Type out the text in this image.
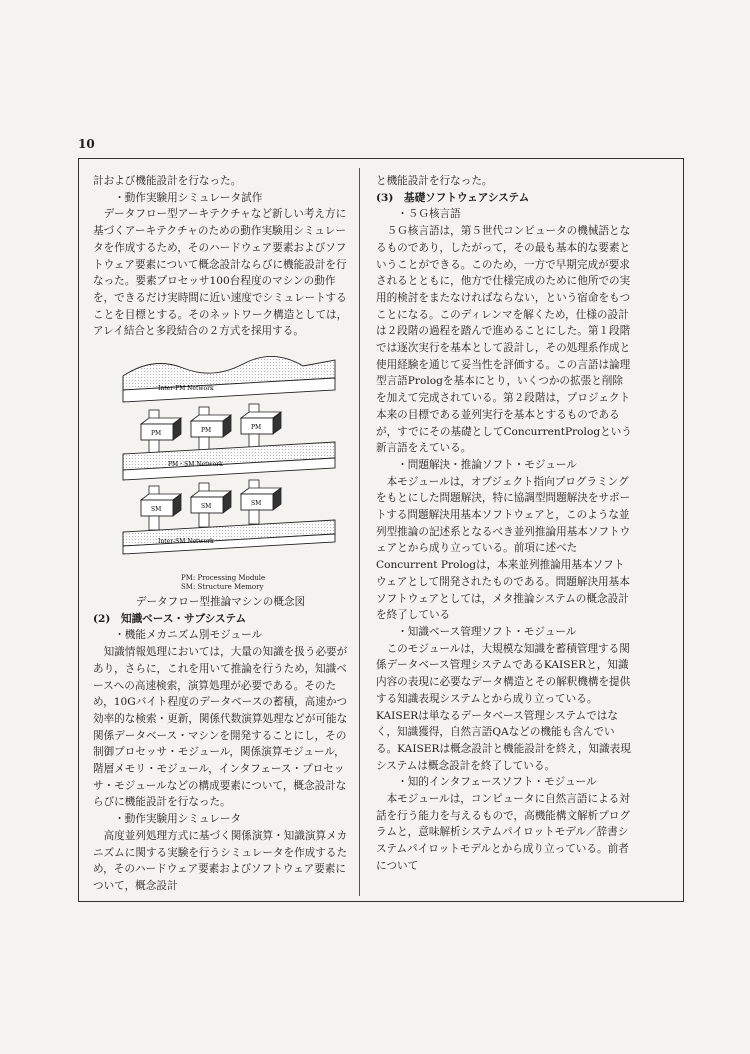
10

計および機能設計を行なった。

・動作実験用シミュレータ試作

データフロー型アーキテクチャなど新しい考え方に基づくアーキテクチャのための動作実験用シミュレータを作成するため，そのハードウェア要素およびソフトウェア要素について概念設計ならびに機能設計を行なった。要素プロセッサ100台程度のマシンの動作を，できるだけ実時間に近い速度でシミュレートすることを目標とする。そのネットワーク構造としては，アレイ結合と多段結合の２方式を採用する。

Inter-PM Network
PM	PM	PM
PM・SM Network
SM	SM	SM
Inter-SM Network

PM: Processing Module

SM: Structure Memory

データフロー型推論マシンの概念図

(2)　知識ベース・サブシステム

・機能メカニズム別モジュール

知識情報処理においては，大量の知識を扱う必要があり，さらに，これを用いて推論を行うため，知識ベースへの高速検索，演算処理が必要である。そのため，10Gバイト程度のデータベースの蓄積，高速かつ効率的な検索・更新，関係代数演算処理などが可能な関係データベース・マシンを開発することにし，その制御プロセッサ・モジュール，関係演算モジュール，階層メモリ・モジュール，インタフェース・プロセッサ・モジュールなどの構成要素について，概念設計ならびに機能設計を行なった。

・動作実験用シミュレータ

高度並列処理方式に基づく関係演算・知識演算メカニズムに関する実験を行うシミュレータを作成するため，そのハードウェア要素およびソフトウェア要素について，概念設計

と機能設計を行なった。

(3)　基礎ソフトウェアシステム

・５Ｇ核言語

５Ｇ核言語は，第５世代コンピュータの機械語となるものであり，したがって，その最も基本的な要素ということができる。このため，一方で早期完成が要求されるとともに，他方で仕様完成のために他所での実用的検討をまたなければならない，という宿命をもつことになる。このディレンマを解くため，仕様の設計は２段階の過程を踏んで進めることにした。第１段階では逐次実行を基本として設計し，その処理系作成と使用経験を通じて妥当性を評価する。この言語は論理型言語Prologを基本にとり，いくつかの拡張と削除を加えて完成されている。第２段階は，プロジェクト本来の目標である並列実行を基本とするものであるが，すでにその基礎としてConcurrentPrologという新言語をえている。

・問題解決・推論ソフト・モジュール

本モジュールは，オブジェクト指向プログラミングをもとにした問題解決，特に協調型問題解決をサポートする問題解決用基本ソフトウェアと，このような並列型推論の記述系となるべき並列推論用基本ソフトウェアとから成り立っている。前項に述べたConcurrent Prologは，本来並列推論用基本ソフトウェアとして開発されたものである。問題解決用基本ソフトウェアとしては，メタ推論システムの概念設計を終了している

・知識ベース管理ソフト・モジュール

このモジュールは，大規模な知識を蓄積管理する関係データベース管理システムであるKAISERと，知識内容の表現に必要なデータ構造とその解釈機構を提供する知識表現システムとから成り立っている。KAISERは単なるデータベース管理システムではなく，知識獲得，自然言語QAなどの機能も含んでいる。KAISERは概念設計と機能設計を終え，知識表現システムは概念設計を終了している。

・知的インタフェースソフト・モジュール

本モジュールは，コンピュータに自然言語による対話を行う能力を与えるもので，高機能構文解析プログラムと，意味解析システムパイロットモデル／辞書システムパイロットモデルとから成り立っている。前者について
